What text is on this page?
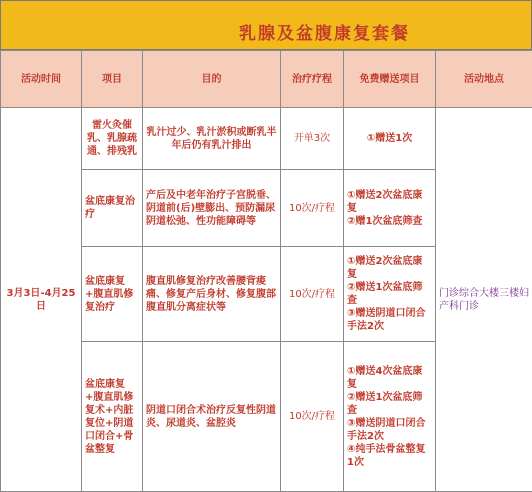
乳腺及盆腹康复套餐
活动时间	项目	目的	治疗疗程	免费赠送项目	活动地点
3月3日-4月25日	雷火灸催乳、乳腺疏通、排残乳	乳汁过少、乳汁淤积或断乳半年后仍有乳汁排出	开单3次	①赠送1次	门诊综合大楼三楼妇产科门诊
	盆底康复治疗	产后及中老年治疗子宫脱垂、阴道前(后)壁膨出、预防漏尿阴道松弛、性功能障碍等	10次/疗程	①赠送2次盆底康复
②赠1次盆底筛查	

	盆底康复+腹直肌修复治疗	腹直肌修复治疗改善腰背痠痛、修复产后身材、修复腹部腹直肌分离症状等	10次/疗程	①赠送2次盆底康复
②赠送1次盆底筛查
③赠送阴道口闭合手法2次	

	盆底康复+腹直肌修复术+内脏复位+阴道口闭合+骨盆整复	阴道口闭合术治疗反复性阴道炎、尿道炎、盆腔炎	10次/疗程	①赠送4次盆底康复
②赠送1次盆底筛查
③赠送阴道口闭合手法2次
④纯手法骨盆整复1次	
